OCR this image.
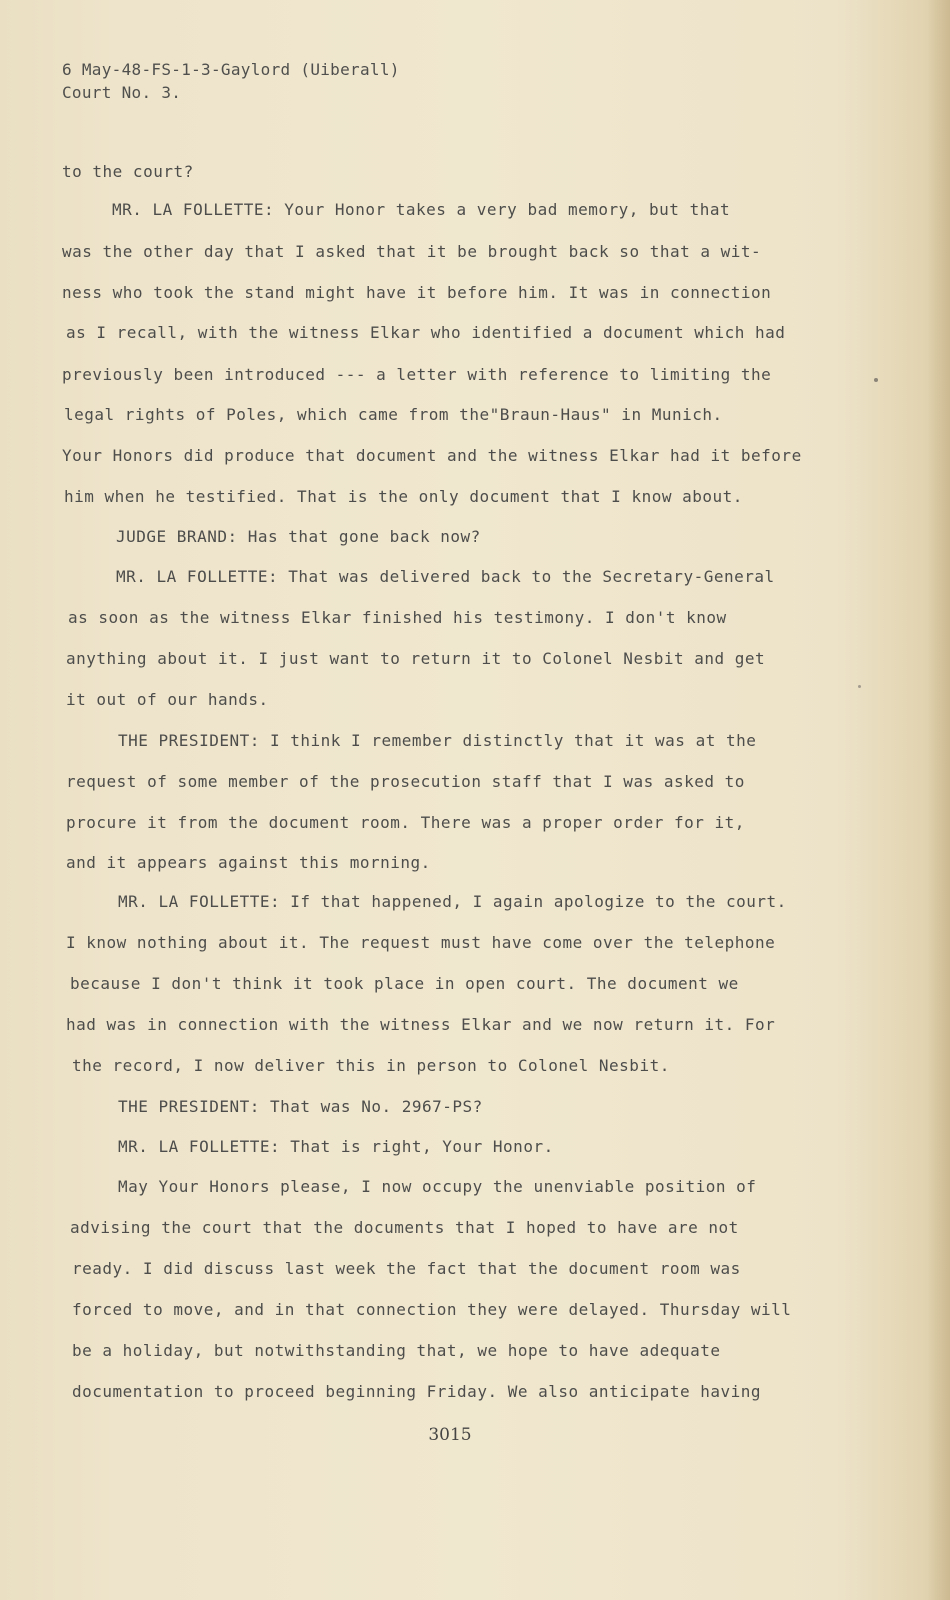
6 May-48-FS-1-3-Gaylord (Uiberall)
Court No. 3.
to the court?
MR. LA FOLLETTE: Your Honor takes a very bad memory, but that
was the other day that I asked that it be brought back so that a wit-
ness who took the stand might have it before him. It was in connection
as I recall, with the witness Elkar who identified a document which had
previously been introduced --- a letter with reference to limiting the
legal rights of Poles, which came from the"Braun-Haus" in Munich.
Your Honors did produce that document and the witness Elkar had it before
him when he testified. That is the only document that I know about.
JUDGE BRAND: Has that gone back now?
MR. LA FOLLETTE: That was delivered back to the Secretary-General
as soon as the witness Elkar finished his testimony. I don't know
anything about it. I just want to return it to Colonel Nesbit and get
it out of our hands.
THE PRESIDENT: I think I remember distinctly that it was at the
request of some member of the prosecution staff that I was asked to
procure it from the document room. There was a proper order for it,
and it appears against this morning.
MR. LA FOLLETTE: If that happened, I again apologize to the court.
I know nothing about it. The request must have come over the telephone
because I don't think it took place in open court. The document we
had was in connection with the witness Elkar and we now return it. For
the record, I now deliver this in person to Colonel Nesbit.
THE PRESIDENT: That was No. 2967-PS?
MR. LA FOLLETTE: That is right, Your Honor.
May Your Honors please, I now occupy the unenviable position of
advising the court that the documents that I hoped to have are not
ready. I did discuss last week the fact that the document room was
forced to move, and in that connection they were delayed. Thursday will
be a holiday, but notwithstanding that, we hope to have adequate
documentation to proceed beginning Friday. We also anticipate having
3015
